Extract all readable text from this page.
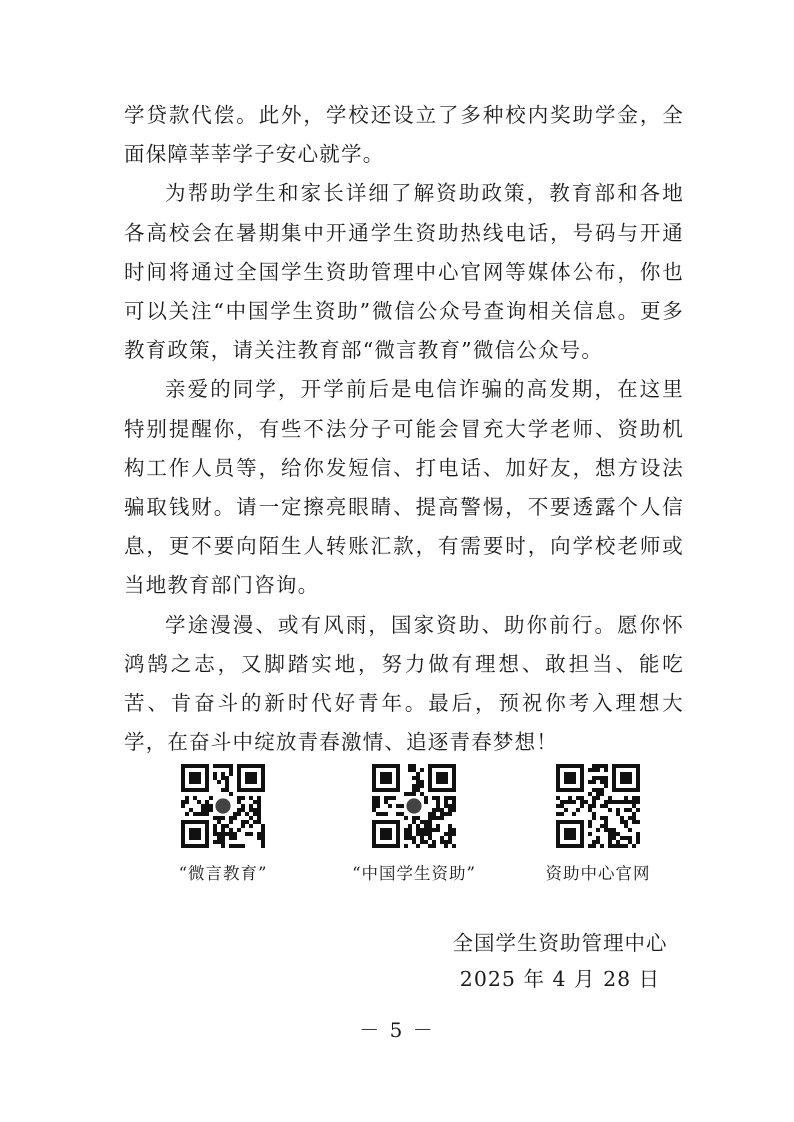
学贷款代偿。此外，学校还设立了多种校内奖助学金，全面保障莘莘学子安心就学。

为帮助学生和家长详细了解资助政策，教育部和各地各高校会在暑期集中开通学生资助热线电话，号码与开通时间将通过全国学生资助管理中心官网等媒体公布，你也可以关注“中国学生资助”微信公众号查询相关信息。更多教育政策，请关注教育部“微言教育”微信公众号。

亲爱的同学，开学前后是电信诈骗的高发期，在这里特别提醒你，有些不法分子可能会冒充大学老师、资助机构工作人员等，给你发短信、打电话、加好友，想方设法骗取钱财。请一定擦亮眼睛、提高警惕，不要透露个人信息，更不要向陌生人转账汇款，有需要时，向学校老师或当地教育部门咨询。

学途漫漫、或有风雨，国家资助、助你前行。愿你怀鸿鹄之志，又脚踏实地，努力做有理想、敢担当、能吃苦、肯奋斗的新时代好青年。最后，预祝你考入理想大学，在奋斗中绽放青春激情、追逐青春梦想！

“微言教育”	“中国学生资助”	资助中心官网
全国学生资助管理中心
2025 年 4 月 28 日
－ 5 －
